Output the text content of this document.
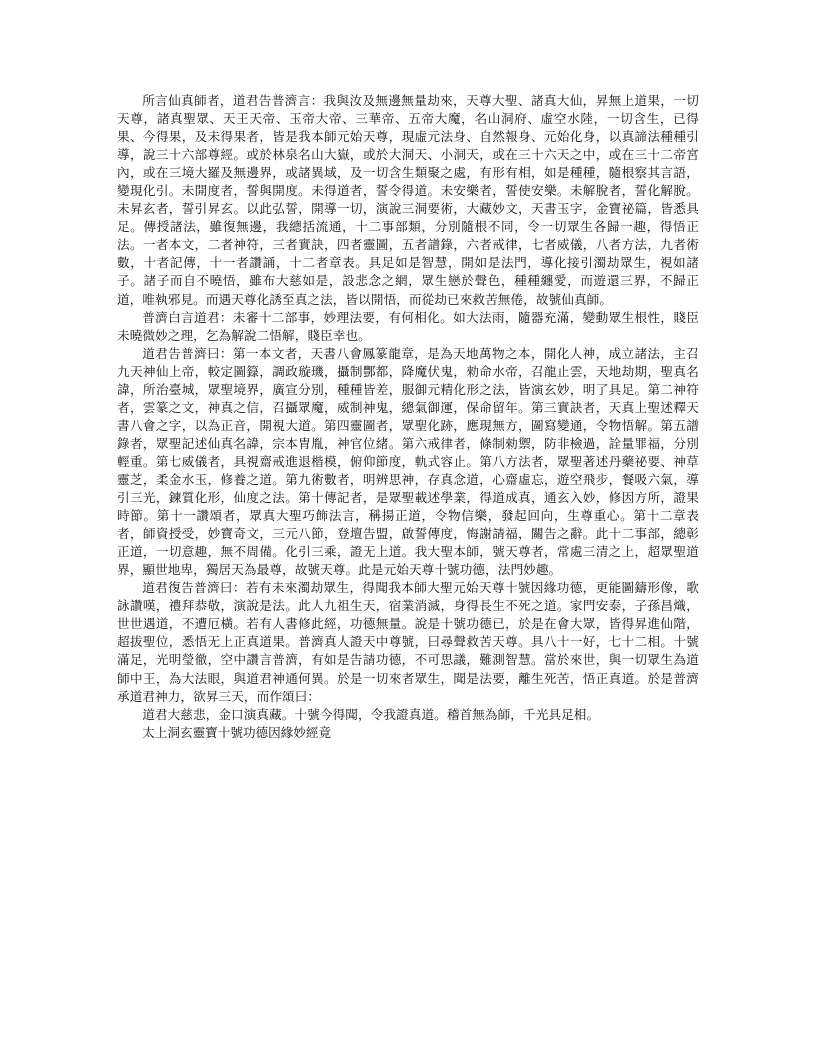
所言仙真師者，道君告普濟言：我與汝及無邊無量劫來，天尊大聖、諸真大仙，昇無上道果，一切天尊，諸真聖眾、天王天帝、玉帝大帝、三華帝、五帝大魔，名山洞府、虛空水陸，一切含生，已得果、今得果，及未得果者，皆是我本師元始天尊，現虛元法身、自然報身、元始化身，以真諦法種種引導，說三十六部尊經。或於林泉名山大嶽，或於大洞天、小洞天，或在三十六天之中，或在三十二帝宮內，或在三境大羅及無邊界，或諸異域，及一切含生類聚之處，有形有相，如是種種，隨根察其言語，變現化引。未開度者，誓與開度。未得道者，誓令得道。未安樂者，誓使安樂。未解脫者，誓化解脫。未昇玄者，誓引昇玄。以此弘誓，開導一切，演說三洞要術，大藏妙文，天書玉字，金寶祕篇，皆悉具足。傳授諸法，雖復無邊，我總括流通，十二事部類，分別隨根不同，令一切眾生各歸一趣，得悟正法。一者本文，二者神符，三者實訣，四者靈圖，五者譜錄，六者戒律，七者威儀，八者方法，九者術數，十者記傳，十一者讚誦，十二者章表。具足如是智慧，開如是法門，導化接引濁劫眾生，視如諸子。諸子而自不曉悟，雖布大慈如是，設悲念之網，眾生戀於聲色，種種纏愛，而遊還三界，不歸正道，唯執邪見。而遇天尊化誘至真之法，皆以開悟，而從劫已來救苦無倦，故號仙真師。

普濟白言道君：未審十二部事，妙理法要，有何相化。如大法雨，隨器充滿，變動眾生根性，賤臣未曉微妙之理，乞為解說二悟解，賤臣幸也。

道君告普濟曰：第一本文者，天書八會鳳篆龍章，是為天地萬物之本，開化人神，成立諸法，主召九天神仙上帝，較定圖籙，調政璇璣，攝制酆都，降魔伏鬼，勑命水帝，召龍止雲，天地劫期，聖真名諱，所治臺城，眾聖境界，廣宣分別，種種皆差，服御元精化形之法，皆演玄妙，明了具足。第二神符者，雲篆之文，神真之信，召攝眾魔，威制神鬼，總氣御運，保命留年。第三實訣者，天真上聖述釋天書八會之字，以為正音，開視大道。第四靈圖者，眾聖化跡，應現無方，圖寫變通，令物悟解。第五譜錄者，眾聖記述仙真名諱，宗本胄胤，神官位緒。第六戒律者，條制勑禦，防非檢過，詮量罪福，分別輕重。第七威儀者，具視齋戒進退楷模，俯仰節度，軌式容止。第八方法者，眾聖著述丹藥祕要、神草靈芝，柔金水玉，修養之道。第九術數者，明辨思神，存真念道，心齋虛忘，遊空飛步，餐吸六氣，導引三光，鍊質化形，仙度之法。第十傳記者，是眾聖載述學業，得道成真，通玄入妙，修因方所，證果時節。第十一讚頌者，眾真大聖巧飾法言，稱揚正道，令物信樂，發起回向，生尊重心。第十二章表者，師資授受，妙寶奇文，三元八節，登壇告盟，啟誓傳度，悔謝請福，關告之辭。此十二事部，總彰正道，一切意趣，無不周備。化引三乘，證无上道。我大聖本師，號天尊者，常處三清之上，超眾聖道界，顯世地卑，獨居天為最尊，故號天尊。此是元始天尊十號功德，法門妙趣。

道君復告普濟曰：若有未來濁劫眾生，得聞我本師大聖元始天尊十號因緣功德，更能圖鑄形像，歌詠讚嘆，禮拜恭敬，演說是法。此人九祖生天，宿業消滅，身得長生不死之道。家門安泰，子孫昌熾，世世遇道，不遭厄橫。若有人書修此經，功德無量。說是十號功德已，於是在會大眾，皆得昇進仙階，超拔聖位，悉悟无上正真道果。普濟真人證天中尊號，曰尋聲救苦天尊。具八十一好，七十二相。十號滿足，光明瑩徹，空中讚言普濟，有如是告請功德，不可思議，難測智慧。當於來世，與一切眾生為道師中王，為大法眼，與道君神通何異。於是一切來者眾生，聞是法要，離生死苦，悟正真道。於是普濟承道君神力，欲昇三天，而作頌曰：

道君大慈悲，金口演真藏。十號今得聞，令我證真道。稽首無為師，千光具足相。

太上洞玄靈寶十號功德因緣妙經竟
